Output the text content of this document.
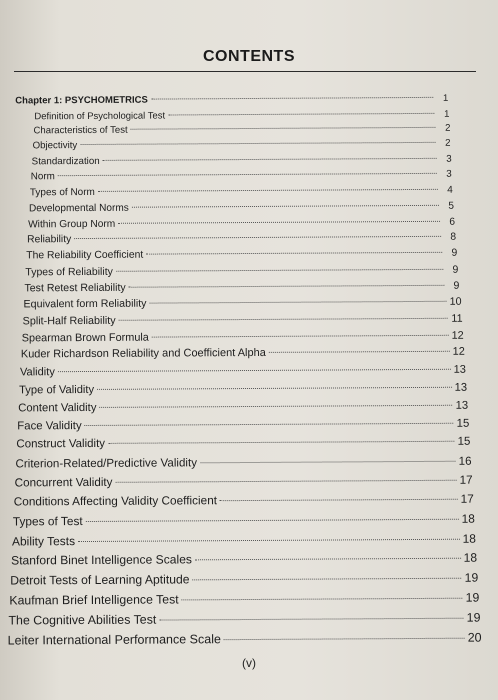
CONTENTS
Chapter 1: PSYCHOMETRICS	1
Definition of Psychological Test	1
Characteristics of Test	2
Objectivity	2
Standardization	3
Norm	3
Types of Norm	4
Developmental Norms	5
Within Group Norm	6
Reliability	8
The Reliability Coefficient	9
Types of Reliability	9
Test Retest Reliability	9
Equivalent form Reliability	10
Split-Half Reliability	11
Spearman Brown Formula	12
Kuder Richardson Reliability and Coefficient Alpha	12
Validity	13
Type of Validity	13
Content Validity	13
Face Validity	15
Construct Validity	15
Criterion-Related/Predictive Validity	16
Concurrent Validity	17
Conditions Affecting Validity Coefficient	17
Types of Test	18
Ability Tests	18
Stanford Binet Intelligence Scales	18
Detroit Tests of Learning Aptitude	19
Kaufman Brief Intelligence Test	19
The Cognitive Abilities Test	19
Leiter International Performance Scale	20
(v)
